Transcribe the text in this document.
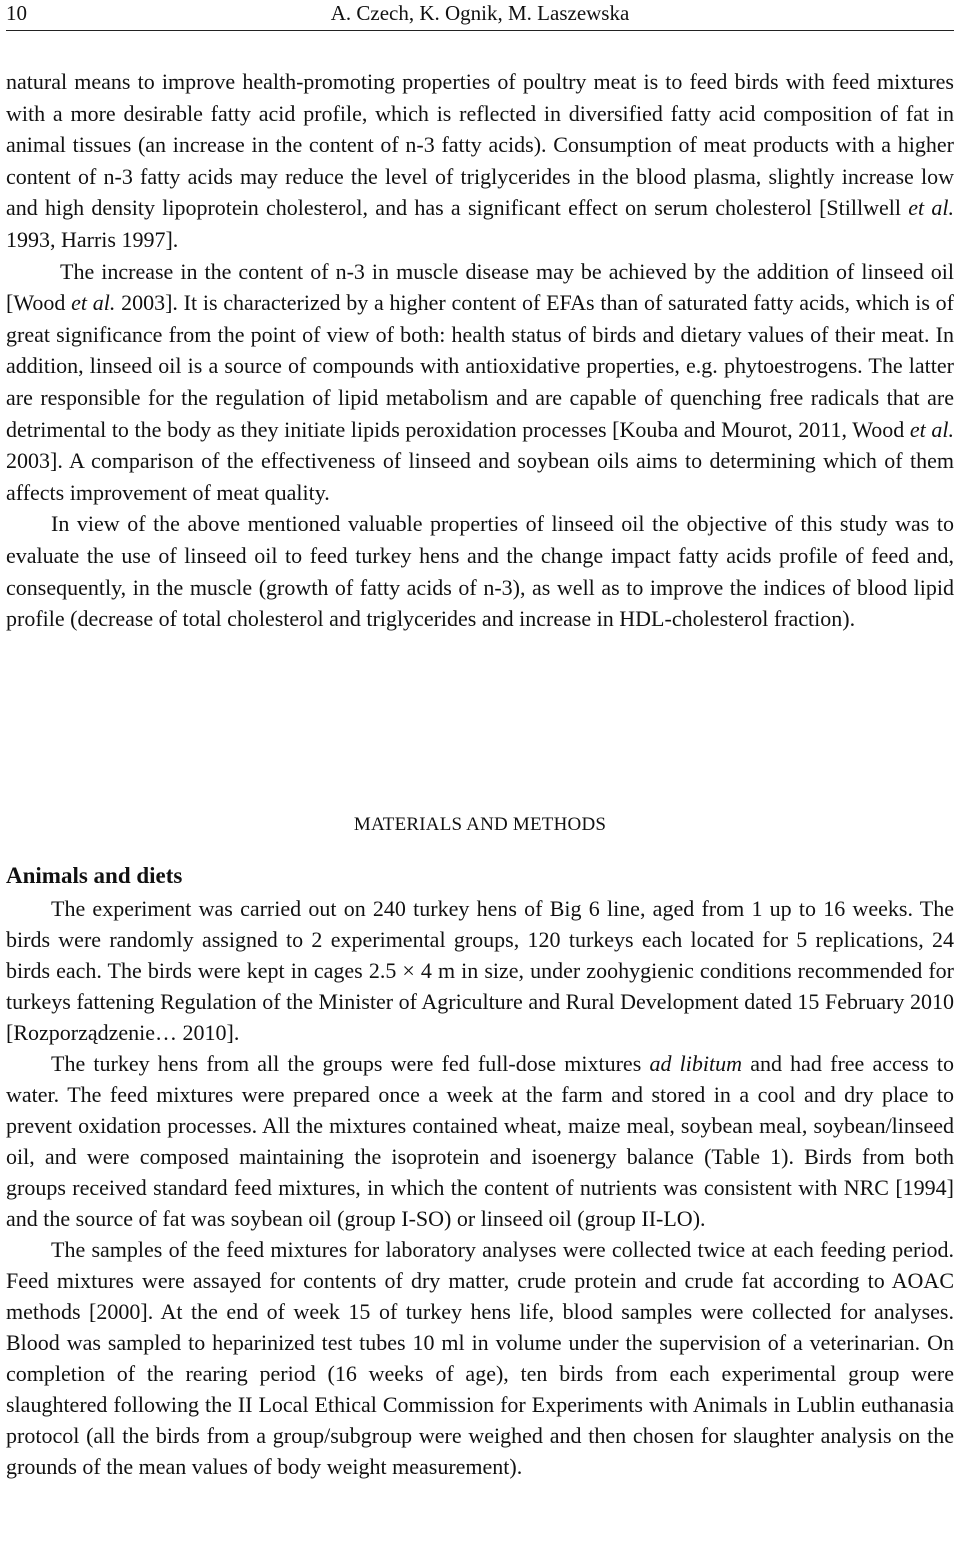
10	A. Czech, K. Ognik, M. Laszewska

natural means to improve health-promoting properties of poultry meat is to feed birds with feed mixtures with a more desirable fatty acid profile, which is reflected in diversified fatty acid composition of fat in animal tissues (an increase in the content of n-3 fatty acids). Consumption of meat products with a higher content of n-3 fatty acids may reduce the level of triglycerides in the blood plasma, slightly increase low and high density lipoprotein cholesterol, and has a significant effect on serum cholesterol [Stillwell et al. 1993, Harris 1997].

The increase in the content of n-3 in muscle disease may be achieved by the addition of linseed oil [Wood et al. 2003]. It is characterized by a higher content of EFAs than of saturated fatty acids, which is of great significance from the point of view of both: health status of birds and dietary values of their meat. In addition, linseed oil is a source of compounds with antioxidative properties, e.g. phytoestrogens. The latter are responsible for the regulation of lipid metabolism and are capable of quenching free radicals that are detrimental to the body as they initiate lipids peroxidation processes [Kouba and Mourot, 2011, Wood et al. 2003]. A comparison of the effectiveness of linseed and soybean oils aims to determining which of them affects improvement of meat quality.

In view of the above mentioned valuable properties of linseed oil the objective of this study was to evaluate the use of linseed oil to feed turkey hens and the change impact fatty acids profile of feed and, consequently, in the muscle (growth of fatty acids of n-3), as well as to improve the indices of blood lipid profile (decrease of total cholesterol and triglycerides and increase in HDL-cholesterol fraction).

MATERIALS AND METHODS
Animals and diets

The experiment was carried out on 240 turkey hens of Big 6 line, aged from 1 up to 16 weeks. The birds were randomly assigned to 2 experimental groups, 120 turkeys each located for 5 replications, 24 birds each. The birds were kept in cages 2.5 × 4 m in size, under zoohygienic conditions recommended for turkeys fattening Regulation of the Minister of Agriculture and Rural Development dated 15 February 2010 [Rozporządzenie… 2010].

The turkey hens from all the groups were fed full-dose mixtures ad libitum and had free access to water. The feed mixtures were prepared once a week at the farm and stored in a cool and dry place to prevent oxidation processes. All the mixtures contained wheat, maize meal, soybean meal, soybean/linseed oil, and were composed maintaining the isoprotein and isoenergy balance (Table 1). Birds from both groups received standard feed mixtures, in which the content of nutrients was consistent with NRC [1994] and the source of fat was soybean oil (group I-SO) or linseed oil (group II-LO).

The samples of the feed mixtures for laboratory analyses were collected twice at each feeding period. Feed mixtures were assayed for contents of dry matter, crude protein and crude fat according to AOAC methods [2000]. At the end of week 15 of turkey hens life, blood samples were collected for analyses. Blood was sampled to heparinized test tubes 10 ml in volume under the supervision of a veterinarian. On completion of the rearing period (16 weeks of age), ten birds from each experimental group were slaughtered following the II Local Ethical Commission for Experiments with Animals in Lublin euthanasia protocol (all the birds from a group/subgroup were weighed and then chosen for slaughter analysis on the grounds of the mean values of body weight measurement).
